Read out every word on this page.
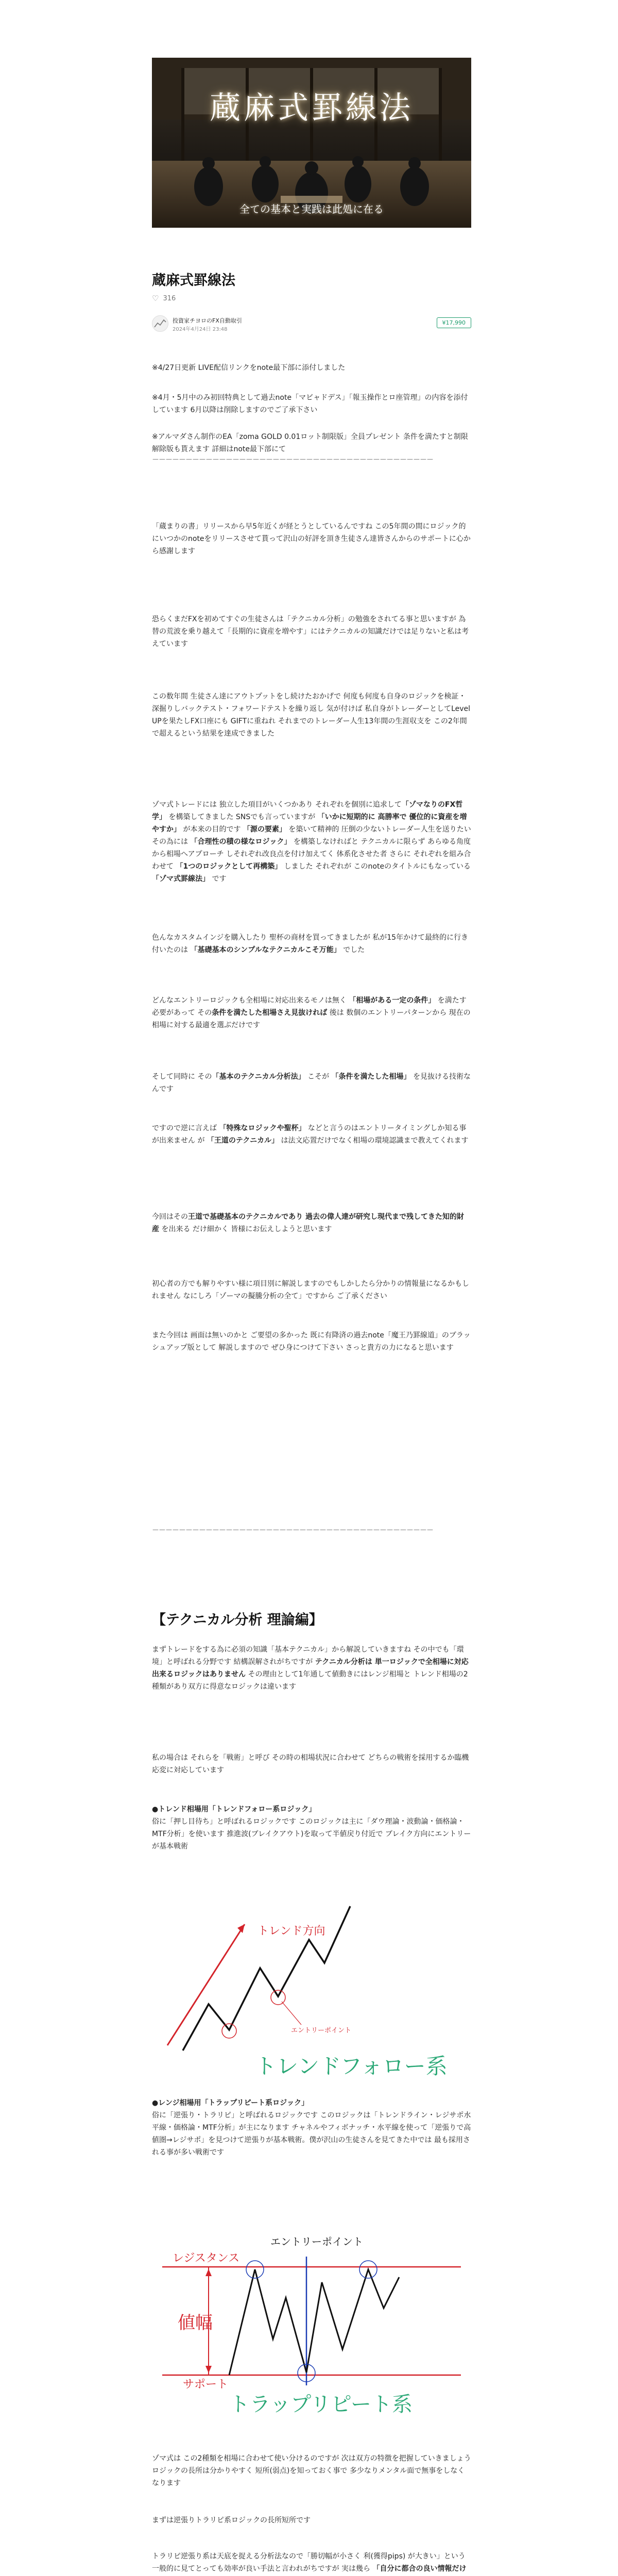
蔵麻式罫線法
全ての基本と実践は此処に在る
蔵麻式罫線法
♡ 316
投資家チヨロのFX自動取引
2024年4月24日 23:48
¥17,990

※4/27日更新 LIVE配信リンクをnote最下部に添付しました

※4月・5月中のみ初回特典として過去note「マビャドデス」「報玉操作とロ座管理」の内容を添付しています 6月以降は削除しますのでご了承下さい

※アルマダさん制作のEA「zoma GOLD 0.01ロット制限版」全員プレゼント 条件を満たすと制限解除版も貰えます 詳細はnote最下部にて

－－－－－－－－－－－－－－－－－－－－－－－－－－－－－－－－－－－－－－－－－－

「蔵まりの書」リリースから早5年近くが経とうとしているんですね この5年間の間にロジック的にいつかのnoteをリリースさせて貰って沢山の好評を頂き生徒さん達皆さんからのサポートに心から感謝します

恐らくまだFXを初めてすぐの生徒さんは「テクニカル分析」の勉強をされてる事と思いますが 為替の荒波を乗り越えて「長期的に資産を増やす」にはテクニカルの知識だけでは足りないと私は考えています

この数年間 生徒さん達にアウトプットをし続けたおかげで 何度も何度も自身のロジックを検証・深掘りしバックテスト・フォワードテストを繰り返し 気が付けば 私自身がトレーダーとしてLevel UPを果たしFX口座にも GIFTに重ねれ それまでのトレーダー人生13年間の生涯収支を この2年間で超えるという結果を達成できました

ゾマ式トレードには 独立した項目がいくつかあり それぞれを個別に追求して「ゾマなりのFX哲学」 を構築してきました SNSでも言っていますが 「いかに短期的に 高勝率で 優位的に資産を増やすか」 が本来の目的です 「源の要素」 を築いて精神的 圧倒の少ないトレーダー人生を送りたい その為には 「合理性の積の様なロジック」 を構築しなければと テクニカルに限らず あらゆる角度から相場へアプローチ しそれぞれ改良点を付け加えてく 体系化させた者 さらに それぞれを組み合わせて 「1つのロジックとして再構築」 しました それぞれが このnoteのタイトルにもなっている 「ゾマ式罫線法」 です

色んなカスタムインジを購入したり 聖杯の商材を買ってきましたが 私が15年かけて最終的に行き付いたのは 「基礎基本のシンプルなテクニカルこそ万能」 でした

どんなエントリーロジックも全相場に対応出来るモノは無く 「相場がある一定の条件」 を満たす必要があって その条件を満たした相場さえ見抜ければ 後は 数個のエントリーパターンから 現在の相場に対する最適を選ぶだけです

そして同時に その「基本のテクニカル分析法」 こそが 「条件を満たした相場」 を見抜ける技術なんです

ですので逆に言えば 「特殊なロジックや聖杯」 などと言うのはエントリータイミングしか知る事が出来ません が 「王道のテクニカル」 は法文応置だけでなく相場の環境認識まで教えてくれます

今回はその王道で基礎基本のテクニカルであり 過去の偉人達が研究し現代まで残してきた知的財産 を出来る だけ細かく 皆様にお伝えしようと思います

初心者の方でも解りやすい様に項目別に解説しますのでもしかしたら分かりの情報量になるかもしれません なにしろ「ゾーマの擬騰分析の全て」ですから ご了承ください

また今回は 画面は無いのかと ご要望の多かった 既に有降済の過去note「魔王乃罫線道」のブラッシュアップ版として 解説しますので ぜひ身につけて下さい さっと貴方の力になると思います

－－－－－－－－－－－－－－－－－－－－－－－－－－－－－－－－－－－－－－－－－－
【テクニカル分析 理論編】

まずトレードをする為に必須の知識「基本テクニカル」から解説していきますね その中でも「環境」と呼ばれる分野です 結構誤解されがちですが テクニカル分析は 単一ロジックで全相場に対応出来るロジックはありません その理由として1年通して値動きにはレンジ相場と トレンド相場の2種類があり双方に得意なロジックは違います

私の場合は それらを「戦術」と呼び その時の相場状況に合わせて どちらの戦術を採用するか臨機応変に対応しています

●トレンド相場用「トレンドフォロー系ロジック」
俗に「押し目待ち」と呼ばれるロジックです このロジックは主に「ダウ理論・波動論・価格論・MTF分析」を使います 推進波(ブレイクアウト)を取って半値戻り付近で ブレイク方向にエントリーが基本戦術

トレンド方向
エントリーポイント
トレンドフォロー系

●レンジ相場用「トラップリピート系ロジック」
俗に「逆張り・トラリピ」と呼ばれるロジックです このロジックは「トレンドライン・レジサポ水平線・価格論・MTF分析」が主になります チャネルやフィボナッチ・水平線を使って「逆張りで高値圏→レジサポ」を見つけて逆張りが基本戦術。僕が沢山の生徒さんを見てきた中では 最も採用される事が多い戦術です

エントリーポイント
レジスタンス
値幅
サポート
トラップリピート系

ゾマ式は この2種類を相場に合わせて使い分けるのですが 次は双方の特徴を把握していきましょう ロジックの長所は分かりやすく 短所(弱点)を知っておく事で 多少なりメンタル面で無事をしなくなります

まずは逆張りトラリピ系ロジックの長所短所です

トラリピ逆張り系は天底を捉える分析法なので「勝切幅が小さく 利(獲得pips) が大きい」という一般的に見てとっても効率が良い手法と言われがちですが 実は幾ら 「自分に都合の良い情報だけ
